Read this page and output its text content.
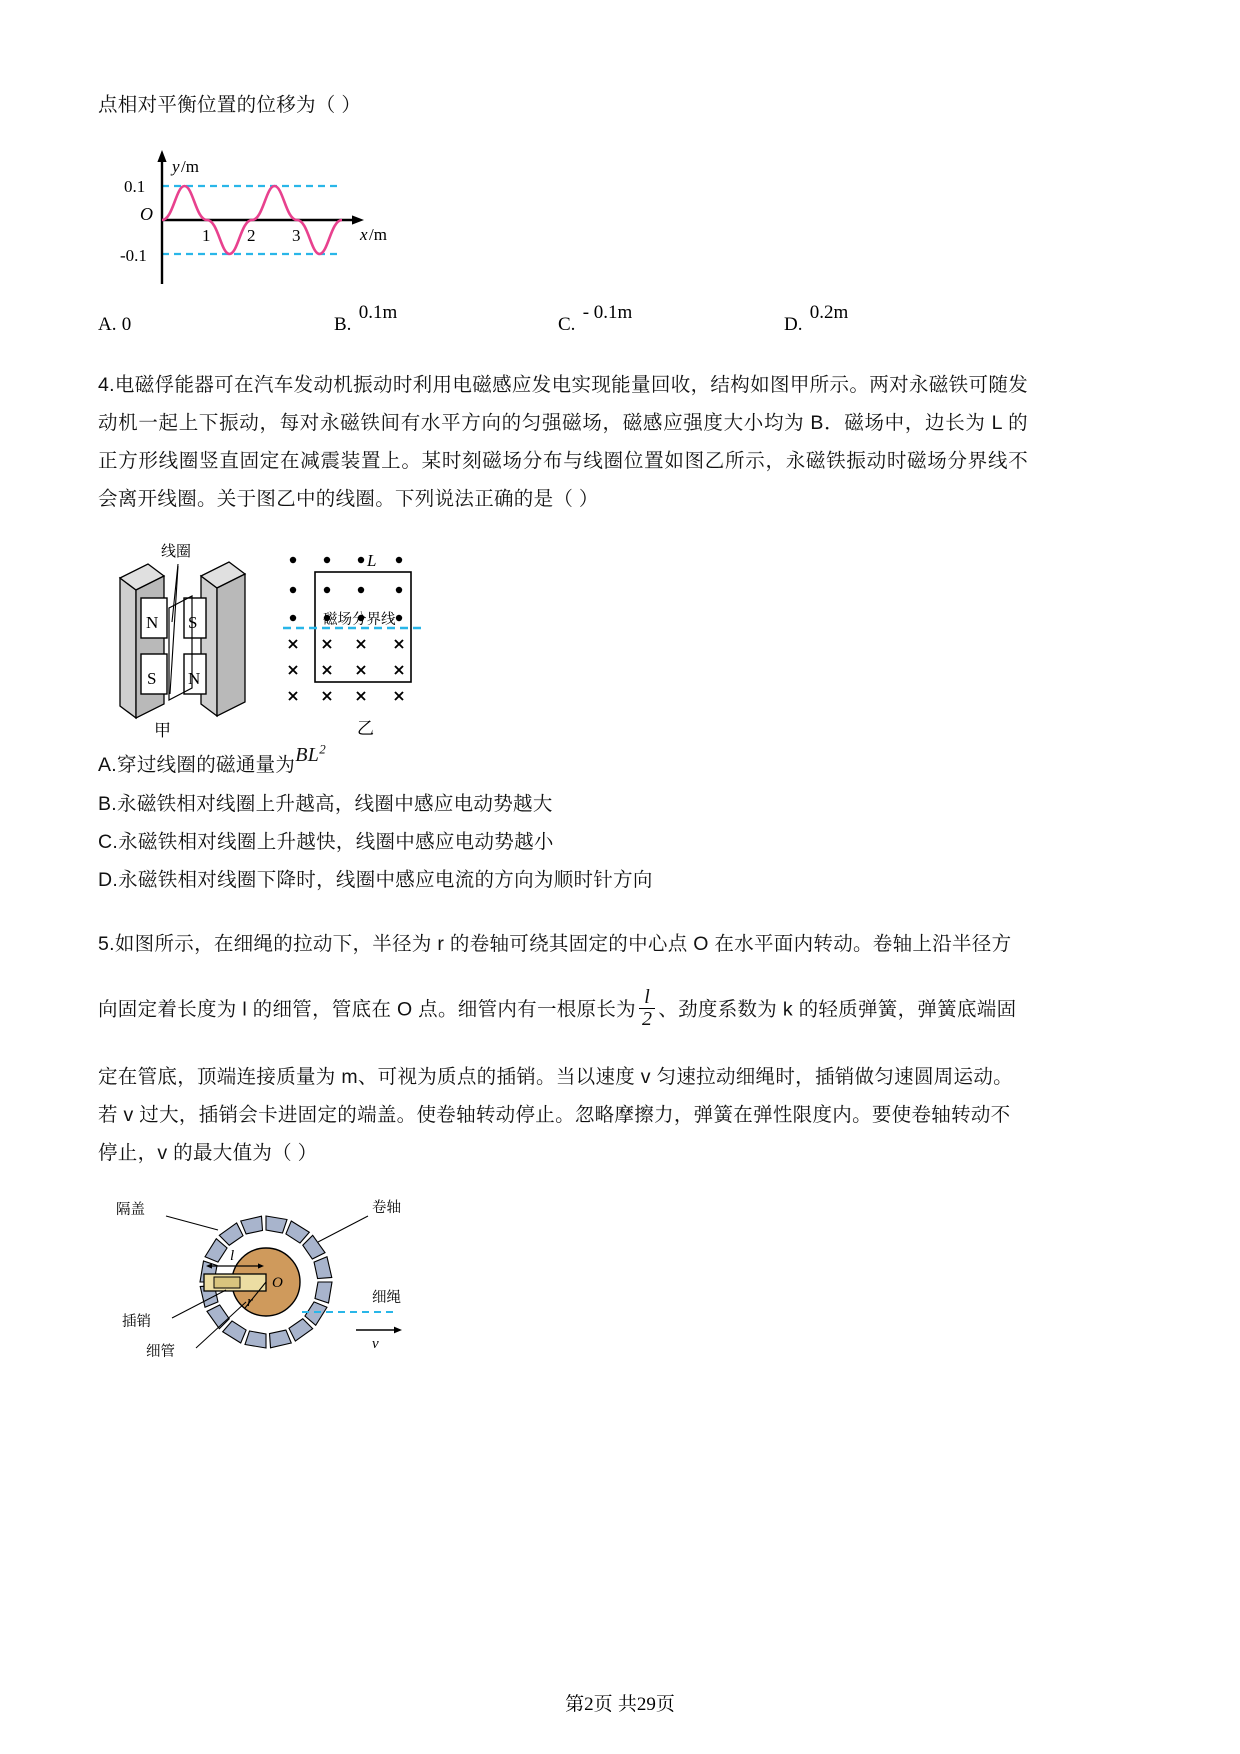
点相对平衡位置的位移为（ ）

y /m
0.1
-0.1
O
1 2 3	x /m
A. 0	B. 0.1m
C. - 0.1m
D. 0.2m

4.电磁俘能器可在汽车发动机振动时利用电磁感应发电实现能量回收，结构如图甲所示。两对永磁铁可随发动机一起上下振动，每对永磁铁间有水平方向的匀强磁场，磁感应强度大小均为 B．磁场中，边长为 L 的正方形线圈竖直固定在减震装置上。某时刻磁场分布与线圈位置如图乙所示，永磁铁振动时磁场分界线不会离开线圈。关于图乙中的线圈。下列说法正确的是（ ）

N S
S N
线圈
甲
L
磁场分界线
乙

A.穿过线圈的磁通量为$BL^2$

B.永磁铁相对线圈上升越高，线圈中感应电动势越大

C.永磁铁相对线圈上升越快，线圈中感应电动势越小

D.永磁铁相对线圈下降时，线圈中感应电流的方向为顺时针方向

5.如图所示，在细绳的拉动下，半径为 r 的卷轴可绕其固定的中心点 O 在水平面内转动。卷轴上沿半径方

向固定着长度为 l 的细管，管底在 O 点。细管内有一根原长为 $\frac{l}{2}$ 、劲度系数为 k 的轻质弹簧，弹簧底端固

定在管底，顶端连接质量为 m、可视为质点的插销。当以速度 v 匀速拉动细绳时，插销做匀速圆周运动。

若 v 过大，插销会卡进固定的端盖。使卷轴转动停止。忽略摩擦力，弹簧在弹性限度内。要使卷轴转动不

停止，v 的最大值为（ ）

l
r
O
v
隔盖	卷轴
细绳
插销
细管
第2页 共29页
